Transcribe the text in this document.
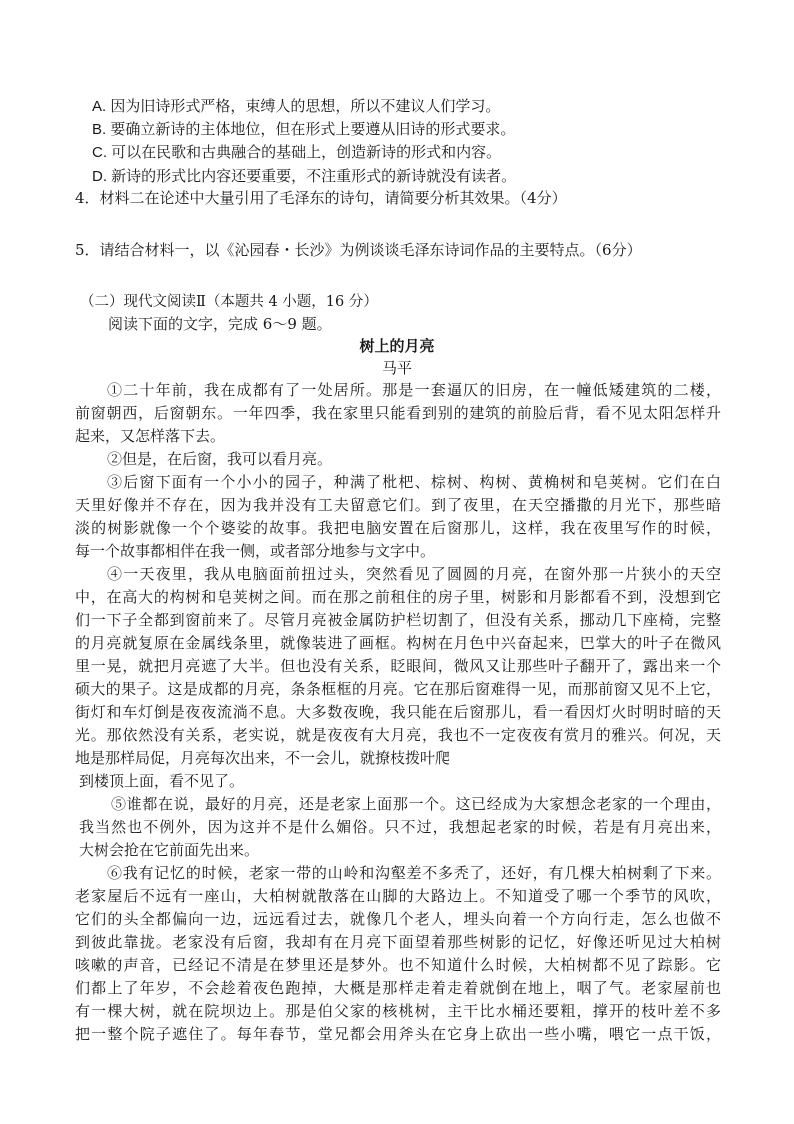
A. 因为旧诗形式严格，束缚人的思想，所以不建议人们学习。
B. 要确立新诗的主体地位，但在形式上要遵从旧诗的形式要求。
C. 可以在民歌和古典融合的基础上，创造新诗的形式和内容。
D. 新诗的形式比内容还要重要，不注重形式的新诗就没有读者。
4．材料二在论述中大量引用了毛泽东的诗句，请简要分析其效果。（4分）
5．请结合材料一，以《沁园春・长沙》为例谈谈毛泽东诗词作品的主要特点。（6分）
（二）现代文阅读Ⅱ（本题共 4 小题，16 分）
阅读下面的文字，完成 6～9 题。
树上的月亮
马平
①二十年前，我在成都有了一处居所。那是一套逼仄的旧房，在一幢低矮建筑的二楼，
前窗朝西，后窗朝东。一年四季，我在家里只能看到别的建筑的前脸后背，看不见太阳怎样升
起来，又怎样落下去。
②但是，在后窗，我可以看月亮。
③后窗下面有一个小小的园子，种满了枇杷、棕树、构树、黄桷树和皂荚树。它们在白
天里好像并不存在，因为我并没有工夫留意它们。到了夜里，在天空播撒的月光下，那些暗
淡的树影就像一个个婆娑的故事。我把电脑安置在后窗那儿，这样，我在夜里写作的时候，
每一个故事都相伴在我一侧，或者部分地参与文字中。
④一天夜里，我从电脑面前扭过头，突然看见了圆圆的月亮，在窗外那一片狭小的天空
中，在高大的构树和皂荚树之间。而在那之前租住的房子里，树影和月影都看不到，没想到它
们一下子全都到窗前来了。尽管月亮被金属防护栏切割了，但没有关系，挪动几下座椅，完整
的月亮就复原在金属线条里，就像装进了画框。构树在月色中兴奋起来，巴掌大的叶子在微风
里一晃，就把月亮遮了大半。但也没有关系，眨眼间，微风又让那些叶子翻开了，露出来一个
硕大的果子。这是成都的月亮，条条框框的月亮。它在那后窗难得一见，而那前窗又见不上它，
街灯和车灯倒是夜夜流淌不息。大多数夜晚，我只能在后窗那儿，看一看因灯火时明时暗的天
光。那依然没有关系，老实说，就是夜夜有大月亮，我也不一定夜夜有赏月的雅兴。何况，天
地是那样局促，月亮每次出来，不一会儿，就撩枝拨叶爬
到楼顶上面，看不见了。
⑤谁都在说，最好的月亮，还是老家上面那一个。这已经成为大家想念老家的一个理由，
我当然也不例外，因为这并不是什么媚俗。只不过，我想起老家的时候，若是有月亮出来，
大树会抢在它前面先出来。
⑥我有记忆的时候，老家一带的山岭和沟壑差不多秃了，还好，有几棵大柏树剩了下来。
老家屋后不远有一座山，大柏树就散落在山脚的大路边上。不知道受了哪一个季节的风吹，
它们的头全都偏向一边，远远看过去，就像几个老人，埋头向着一个方向行走，怎么也做不
到彼此靠拢。老家没有后窗，我却有在月亮下面望着那些树影的记忆，好像还听见过大柏树
咳嗽的声音，已经记不清是在梦里还是梦外。也不知道什么时候，大柏树都不见了踪影。它
们都上了年岁，不会趁着夜色跑掉，大概是那样走着走着就倒在地上，咽了气。老家屋前也
有一棵大树，就在院坝边上。那是伯父家的核桃树，主干比水桶还要粗，撑开的枝叶差不多
把一整个院子遮住了。每年春节，堂兄都会用斧头在它身上砍出一些小嘴，喂它一点干饭，
